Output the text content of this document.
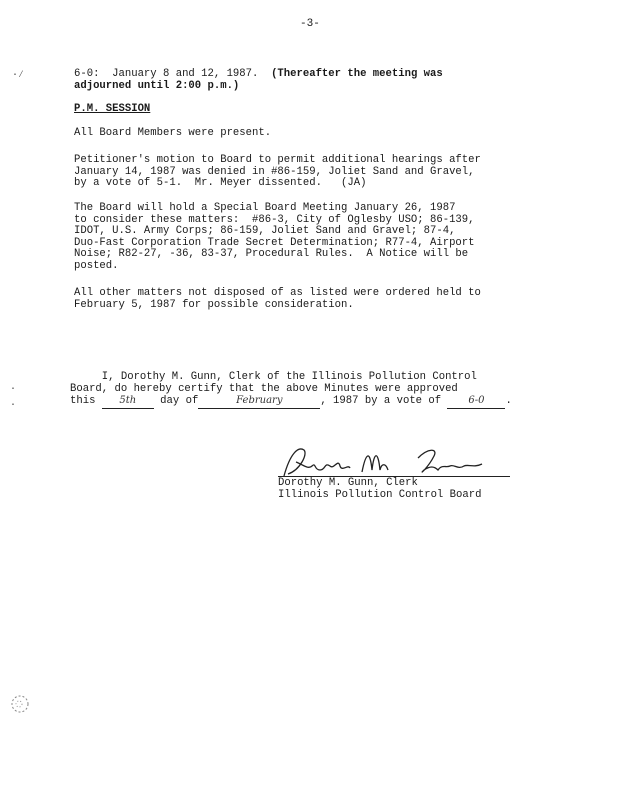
-3-
·⁄
·
·
6-0:  January 8 and 12, 1987.  (Thereafter the meeting was
adjourned until 2:00 p.m.)
P.M. SESSION
All Board Members were present.
Petitioner's motion to Board to permit additional hearings after
January 14, 1987 was denied in #86-159, Joliet Sand and Gravel,
by a vote of 5-1.  Mr. Meyer dissented.   (JA)
The Board will hold a Special Board Meeting January 26, 1987
to consider these matters:  #86-3, City of Oglesby USO; 86-139,
IDOT, U.S. Army Corps; 86-159, Joliet Sand and Gravel; 87-4,
Duo-Fast Corporation Trade Secret Determination; R77-4, Airport
Noise; R82-27, -36, 83-37, Procedural Rules.  A Notice will be
posted.
All other matters not disposed of as listed were ordered held to
February 5, 1987 for possible consideration.
I, Dorothy M. Gunn, Clerk of the Illinois Pollution Control
Board, do hereby certify that the above Minutes were approved
this 5th day of	February	, 1987 by a vote of	6-0 .
Dorothy M. Gunn, Clerk
Illinois Pollution Control Board
